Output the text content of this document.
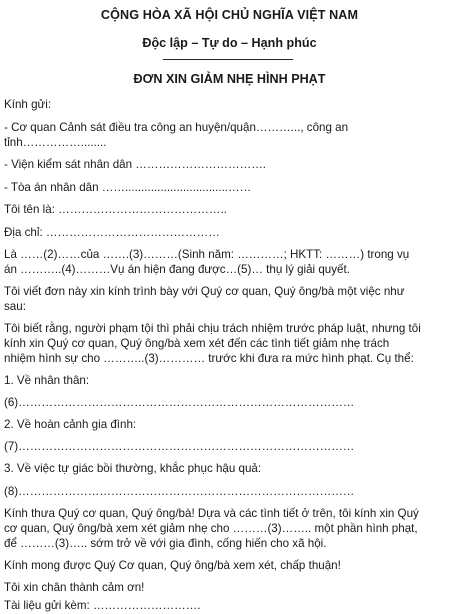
CỘNG HÒA XÃ HỘI CHỦ NGHĨA VIỆT NAM
Độc lập – Tự do – Hạnh phúc
ĐƠN XIN GIẢM NHẸ HÌNH PHẠT
Kính gửi:
- Cơ quan Cảnh sát điều tra công an huyện/quận………..., công an
tỉnh……………........
- Viện kiểm sát nhân dân …………………………….
- Tòa án nhân dân ……................................……
Tôi tên là: ……………………………………..
Địa chỉ: ………………………………………
Là ……(2)……của …….(3)………(Sinh năm: …………; HKTT: ………) trong vụ
án ………..(4)………Vụ án hiện đang được…(5)… thụ lý giải quyết.
Tôi viết đơn này xin kính trình bày với Quý cơ quan, Quý ông/bà một việc như
sau:
Tôi biết rằng, người phạm tội thì phải chịu trách nhiệm trước pháp luật, nhưng tôi
kính xin Quý cơ quan, Quý ông/bà xem xét đến các tình tiết giảm nhẹ trách
nhiệm hình sự cho ………..(3)………… trước khi đưa ra mức hình phạt. Cụ thể:
1. Về nhân thân:
(6)……………………………………………………………………………
2. Về hoàn cảnh gia đình:
(7)……………………………………………………………………………
3. Về việc tự giác bồi thường, khắc phục hậu quả:
(8)……………………………………………………………………………
Kính thưa Quý cơ quan, Quý ông/bà! Dựa và các tình tiết ở trên, tôi kính xin Quý
cơ quan, Quý ông/bà xem xét giảm nhẹ cho ………(3)…….. một phần hình phạt,
để ………(3)….. sớm trở về với gia đình, cống hiến cho xã hội.
Kính mong được Quý Cơ quan, Quý ông/bà xem xét, chấp thuận!
Tôi xin chân thành cảm ơn!
Tài liệu gửi kèm: ……………………….
